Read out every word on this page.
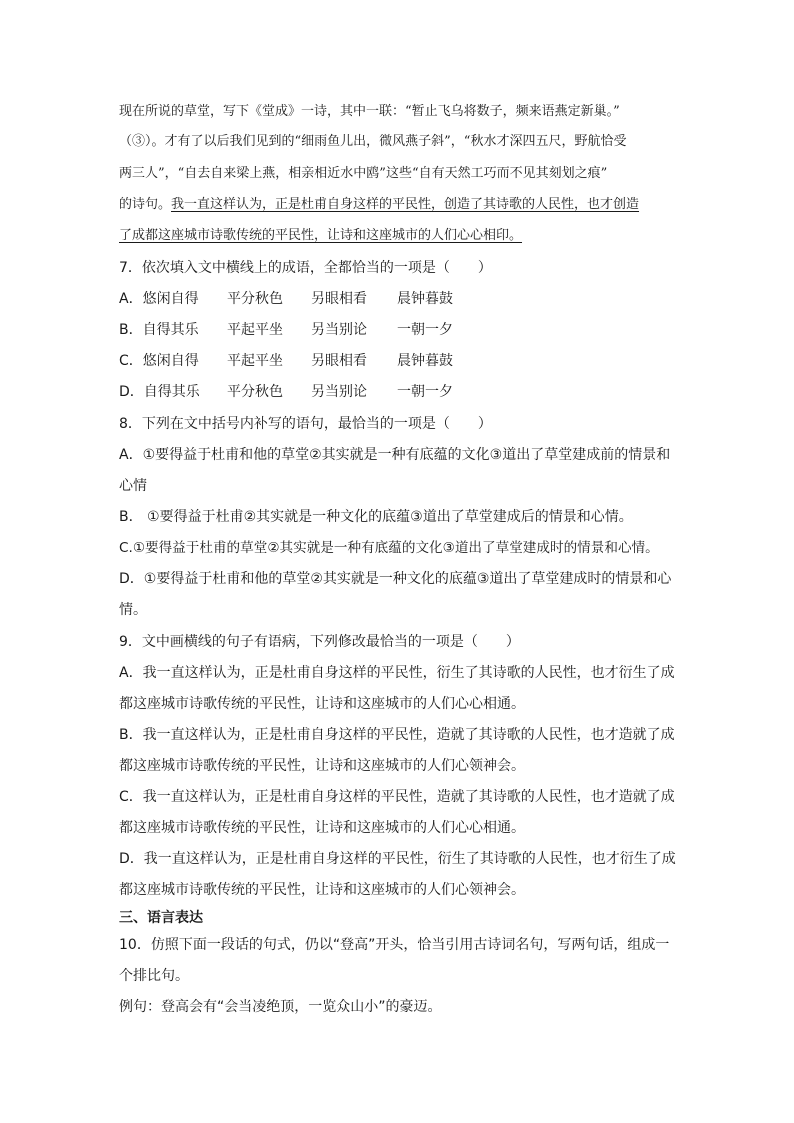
现在所说的草堂，写下《堂成》一诗，其中一联：“暂止飞乌将数子，频来语燕定新巢。”
（③）。才有了以后我们见到的“细雨鱼儿出，微风燕子斜”，“秋水才深四五尺，野航恰受
两三人”，“自去自来梁上燕，相亲相近水中鸥”这些“自有天然工巧而不见其刻划之痕”
的诗句。我一直这样认为，正是杜甫自身这样的平民性，创造了其诗歌的人民性，也才创造
了成都这座城市诗歌传统的平民性，让诗和这座城市的人们心心相印。
7．依次填入文中横线上的成语，全都恰当的一项是（　　）
A．悠闲自得 平分秋色 另眼相看 晨钟暮鼓
B．自得其乐 平起平坐 另当别论 一朝一夕
C．悠闲自得 平起平坐 另眼相看 晨钟暮鼓
D．自得其乐 平分秋色 另当别论 一朝一夕
8．下列在文中括号内补写的语句，最恰当的一项是（　　）
A．①要得益于杜甫和他的草堂②其实就是一种有底蕴的文化③道出了草堂建成前的情景和
心情
B． ①要得益于杜甫②其实就是一种文化的底蕴③道出了草堂建成后的情景和心情。
C.①要得益于杜甫的草堂②其实就是一种有底蕴的文化③道出了草堂建成时的情景和心情。
D．①要得益于杜甫和他的草堂②其实就是一种文化的底蕴③道出了草堂建成时的情景和心
情。
9．文中画横线的句子有语病，下列修改最恰当的一项是（　　）
A．我一直这样认为，正是杜甫自身这样的平民性，衍生了其诗歌的人民性，也才衍生了成
都这座城市诗歌传统的平民性，让诗和这座城市的人们心心相通。
B．我一直这样认为，正是杜甫自身这样的平民性，造就了其诗歌的人民性，也才造就了成
都这座城市诗歌传统的平民性，让诗和这座城市的人们心领神会。
C．我一直这样认为，正是杜甫自身这样的平民性，造就了其诗歌的人民性，也才造就了成
都这座城市诗歌传统的平民性，让诗和这座城市的人们心心相通。
D．我一直这样认为，正是杜甫自身这样的平民性，衍生了其诗歌的人民性，也才衍生了成
都这座城市诗歌传统的平民性，让诗和这座城市的人们心领神会。
三、语言表达
10．仿照下面一段话的句式，仍以“登高”开头，恰当引用古诗词名句，写两句话，组成一
个排比句。
例句：登高会有“会当凌绝顶，一览众山小”的豪迈。
